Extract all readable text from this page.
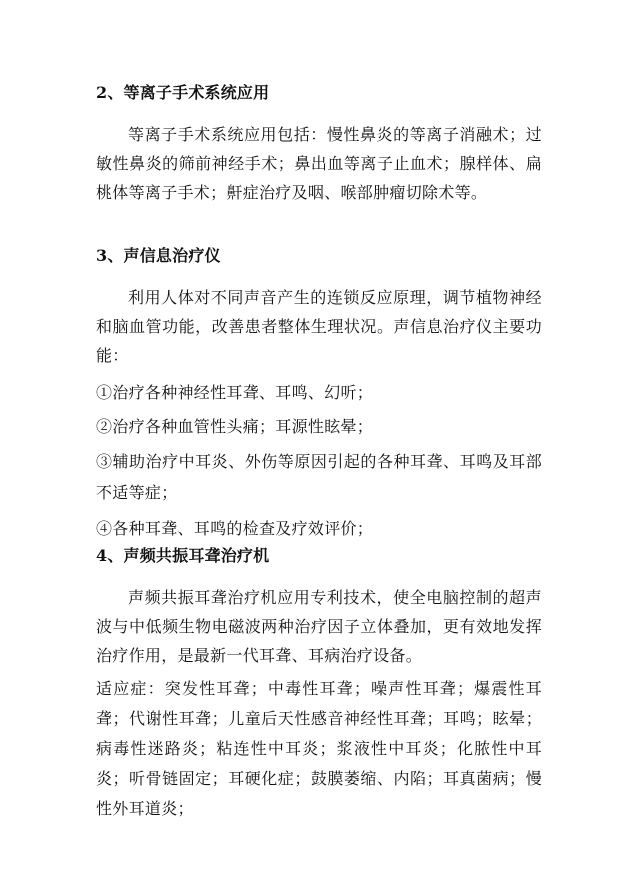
2、等离子手术系统应用

等离子手术系统应用包括：慢性鼻炎的等离子消融术；过敏性鼻炎的筛前神经手术；鼻出血等离子止血术；腺样体、扁桃体等离子手术；鼾症治疗及咽、喉部肿瘤切除术等。

3、声信息治疗仪

利用人体对不同声音产生的连锁反应原理，调节植物神经和脑血管功能，改善患者整体生理状况。声信息治疗仪主要功能：

①治疗各种神经性耳聋、耳鸣、幻听；

②治疗各种血管性头痛；耳源性眩晕；

③辅助治疗中耳炎、外伤等原因引起的各种耳聋、耳鸣及耳部不适等症；

④各种耳聋、耳鸣的检查及疗效评价；

4、声频共振耳聋治疗机

声频共振耳聋治疗机应用专利技术，使全电脑控制的超声波与中低频生物电磁波两种治疗因子立体叠加，更有效地发挥治疗作用，是最新一代耳聋、耳病治疗设备。

适应症：突发性耳聋；中毒性耳聋；噪声性耳聋；爆震性耳聋；代谢性耳聋；儿童后天性感音神经性耳聋；耳鸣；眩晕；病毒性迷路炎；粘连性中耳炎；浆液性中耳炎；化脓性中耳炎；听骨链固定；耳硬化症；鼓膜萎缩、内陷；耳真菌病；慢性外耳道炎；
